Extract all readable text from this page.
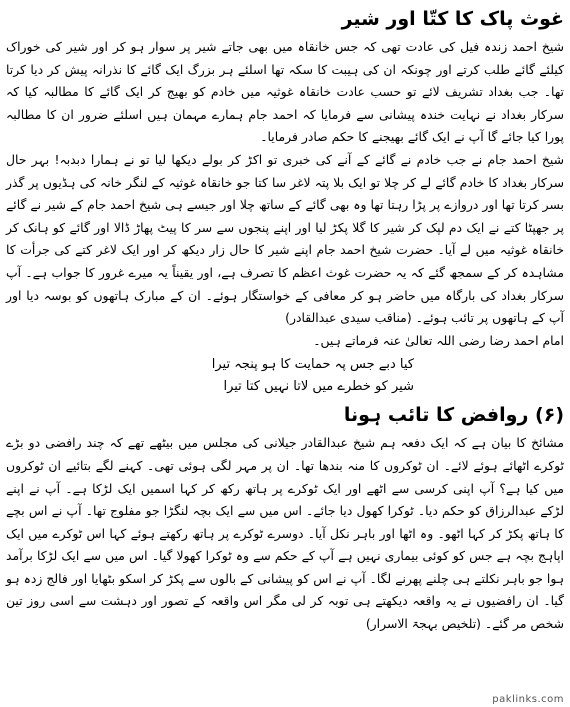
غوث پاک کا کتّا اور شیر

شیخ احمد زندہ فیل کی عادت تھی کہ جس خانقاہ میں بھی جاتے شیر پر سوار ہو کر اور شیر کی خوراک کیلئے گائے طلب کرتے اور چونکہ ان کی ہیبت کا سکہ تھا اسلئے ہر بزرگ ایک گائے کا نذرانہ پیش کر دیا کرتا تھا۔ جب بغداد تشریف لائے تو حسب عادت خانقاہ غوثیہ میں خادم کو بھیج کر ایک گائے کا مطالبہ کیا کہ سرکار بغداد نے نہایت خندہ پیشانی سے فرمایا کہ احمد جام ہمارے مہمان ہیں اسلئے ضرور ان کا مطالبہ پورا کیا جائے گا آپ نے ایک گائے بھیجنے کا حکم صادر فرمایا۔

شیخ احمد جام نے جب خادم نے گائے کے آنے کی خبری تو اکڑ کر بولے دیکھا لیا تو نے ہمارا دبدبہ! بہر حال سرکار بغداد کا خادم گائے لے کر چلا تو ایک بلا پتہ لاغر سا کتا جو خانقاہ غوثیہ کے لنگر خانہ کی ہڈیوں پر گذر بسر کرتا تھا اور دروازے پر پڑا رہتا تھا وہ بھی گائے کے ساتھ چلا اور جیسے ہی شیخ احمد جام کے شیر نے گائے پر جھپٹا کتے نے ایک دم لپک کر شیر کا گلا پکڑ لیا اور اپنے پنجوں سے سر کا پیٹ پھاڑ ڈالا اور گائے کو ہانک کر خانقاہ غوثیہ میں لے آیا۔ حضرت شیخ احمد جام اپنے شیر کا حال زار دیکھ کر اور ایک لاغر کتے کی جرأت کا مشاہدہ کر کے سمجھ گئے کہ یہ حضرت غوث اعظم کا تصرف ہے، اور یقیناً یہ میرے غرور کا جواب ہے۔ آپ سرکار بغداد کی بارگاہ میں حاضر ہو کر معافی کے خواستگار ہوئے۔ ان کے مبارک ہاتھوں کو بوسہ دیا اور آپ کے ہاتھوں پر تائب ہوئے۔ (مناقب سیدی عبدالقادر)

امام احمد رضا رضی اللہ تعالیٰ عنہ فرماتے ہیں۔

کیا دبے جس پہ حمایت کا ہو پنجہ تیرا
شیر کو خطرے میں لاتا نہیں کتا تیرا
(۶) روافض کا تائب ہونا

مشائخ کا بیان ہے کہ ایک دفعہ ہم شیخ عبدالقادر جیلانی کی مجلس میں بیٹھے تھے کہ چند رافضی دو بڑے ٹوکرے اٹھائے ہوئے لائے۔ ان ٹوکروں کا منہ بندھا تھا۔ ان پر مہر لگی ہوئی تھی۔ کہنے لگے بتائیے ان ٹوکروں میں کیا ہے؟ آپ اپنی کرسی سے اٹھے اور ایک ٹوکرے پر ہاتھ رکھ کر کہا اسمیں ایک لڑکا ہے۔ آپ نے اپنے لڑکے عبدالرزاق کو حکم دیا۔ ٹوکرا کھول دیا جائے۔ اس میں سے ایک بچہ لنگڑا جو مفلوج تھا۔ آپ نے اس بچے کا ہاتھ پکڑ کر کہا اٹھو۔ وہ اٹھا اور باہر نکل آیا۔ دوسرے ٹوکرے پر ہاتھ رکھتے ہوئے کہا اس ٹوکرے میں ایک اپاہج بچہ ہے جس کو کوئی بیماری نہیں ہے آپ کے حکم سے وہ ٹوکرا کھولا گیا۔ اس میں سے ایک لڑکا برآمد ہوا جو باہر نکلتے ہی چلنے پھرنے لگا۔ آپ نے اس کو پیشانی کے بالوں سے پکڑ کر اسکو بٹھایا اور فالج زدہ ہو گیا۔ ان رافضیوں نے یہ واقعہ دیکھتے ہی توبہ کر لی مگر اس واقعہ کے تصور اور دہشت سے اسی روز تین شخص مر گئے۔ (تلخیص بہجۃ الاسرار)

paklinks.com
